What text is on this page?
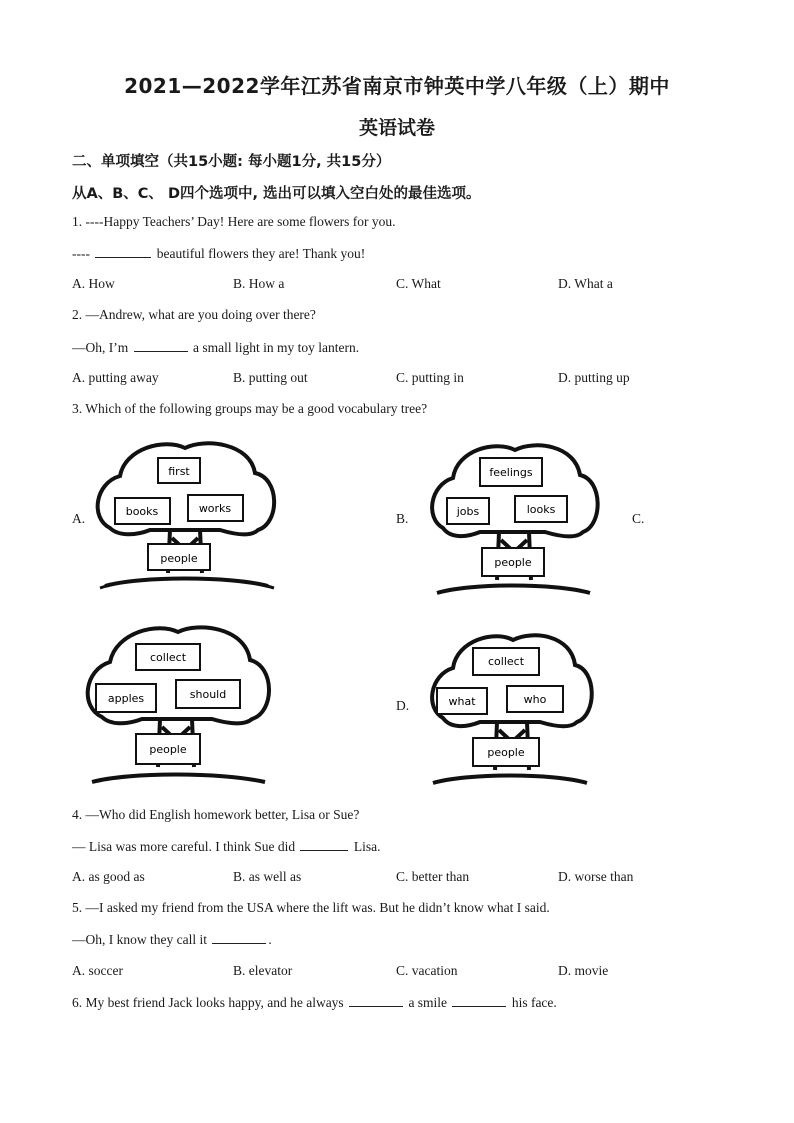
2021—2022学年江苏省南京市钟英中学八年级（上）期中
英语试卷
二、单项填空（共15小题: 每小题1分, 共15分）
从A、B、C、 D四个选项中, 选出可以填入空白处的最佳选项。
1. ----Happy Teachers’ Day! Here are some flowers for you.
----	beautiful flowers they are! Thank you!
A. How	B. How a	C. What	D. What a
2. —Andrew, what are you doing over there?
—Oh, I’m	a small light in my toy lantern.
A. putting away	B. putting out	C. putting in	D. putting up
3. Which of the following groups may be a good vocabulary tree?
A.	B.	C.
D.
first
books	works
people
feelings
jobs	looks
people
collect
apples	should
people
collect
what	who
people
4. —Who did English homework better, Lisa or Sue?
— Lisa was more careful. I think Sue did	Lisa.
A. as good as	B. as well as	C. better than	D. worse than
5. —I asked my friend from the USA where the lift was. But he didn’t know what I said.
—Oh, I know they call it	.
A. soccer	B. elevator	C. vacation	D. movie
6. My best friend Jack looks happy, and he always	a smile	his face.
